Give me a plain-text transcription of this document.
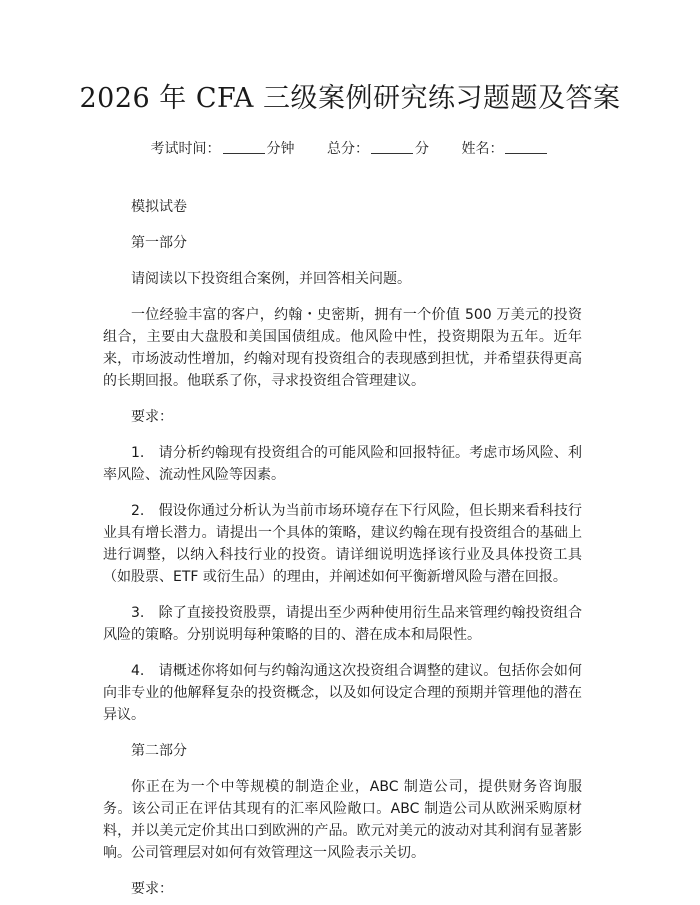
2026 年 CFA 三级案例研究练习题题及答案
考试时间：	分钟 总分：	分 姓名：

模拟试卷

第一部分

请阅读以下投资组合案例，并回答相关问题。

一位经验丰富的客户，约翰・史密斯，拥有一个价值 500 万美元的投资组合，主要由大盘股和美国国债组成。他风险中性，投资期限为五年。近年来，市场波动性增加，约翰对现有投资组合的表现感到担忧，并希望获得更高的长期回报。他联系了你，寻求投资组合管理建议。

要求：

1.　请分析约翰现有投资组合的可能风险和回报特征。考虑市场风险、利率风险、流动性风险等因素。

2.　假设你通过分析认为当前市场环境存在下行风险，但长期来看科技行业具有增长潜力。请提出一个具体的策略，建议约翰在现有投资组合的基础上进行调整，以纳入科技行业的投资。请详细说明选择该行业及具体投资工具（如股票、ETF 或衍生品）的理由，并阐述如何平衡新增风险与潜在回报。

3.　除了直接投资股票，请提出至少两种使用衍生品来管理约翰投资组合风险的策略。分别说明每种策略的目的、潜在成本和局限性。

4.　请概述你将如何与约翰沟通这次投资组合调整的建议。包括你会如何向非专业的他解释复杂的投资概念，以及如何设定合理的预期并管理他的潜在异议。

第二部分

你正在为一个中等规模的制造企业，ABC 制造公司，提供财务咨询服务。该公司正在评估其现有的汇率风险敞口。ABC 制造公司从欧洲采购原材料，并以美元定价其出口到欧洲的产品。欧元对美元的波动对其利润有显著影响。公司管理层对如何有效管理这一风险表示关切。

要求：
